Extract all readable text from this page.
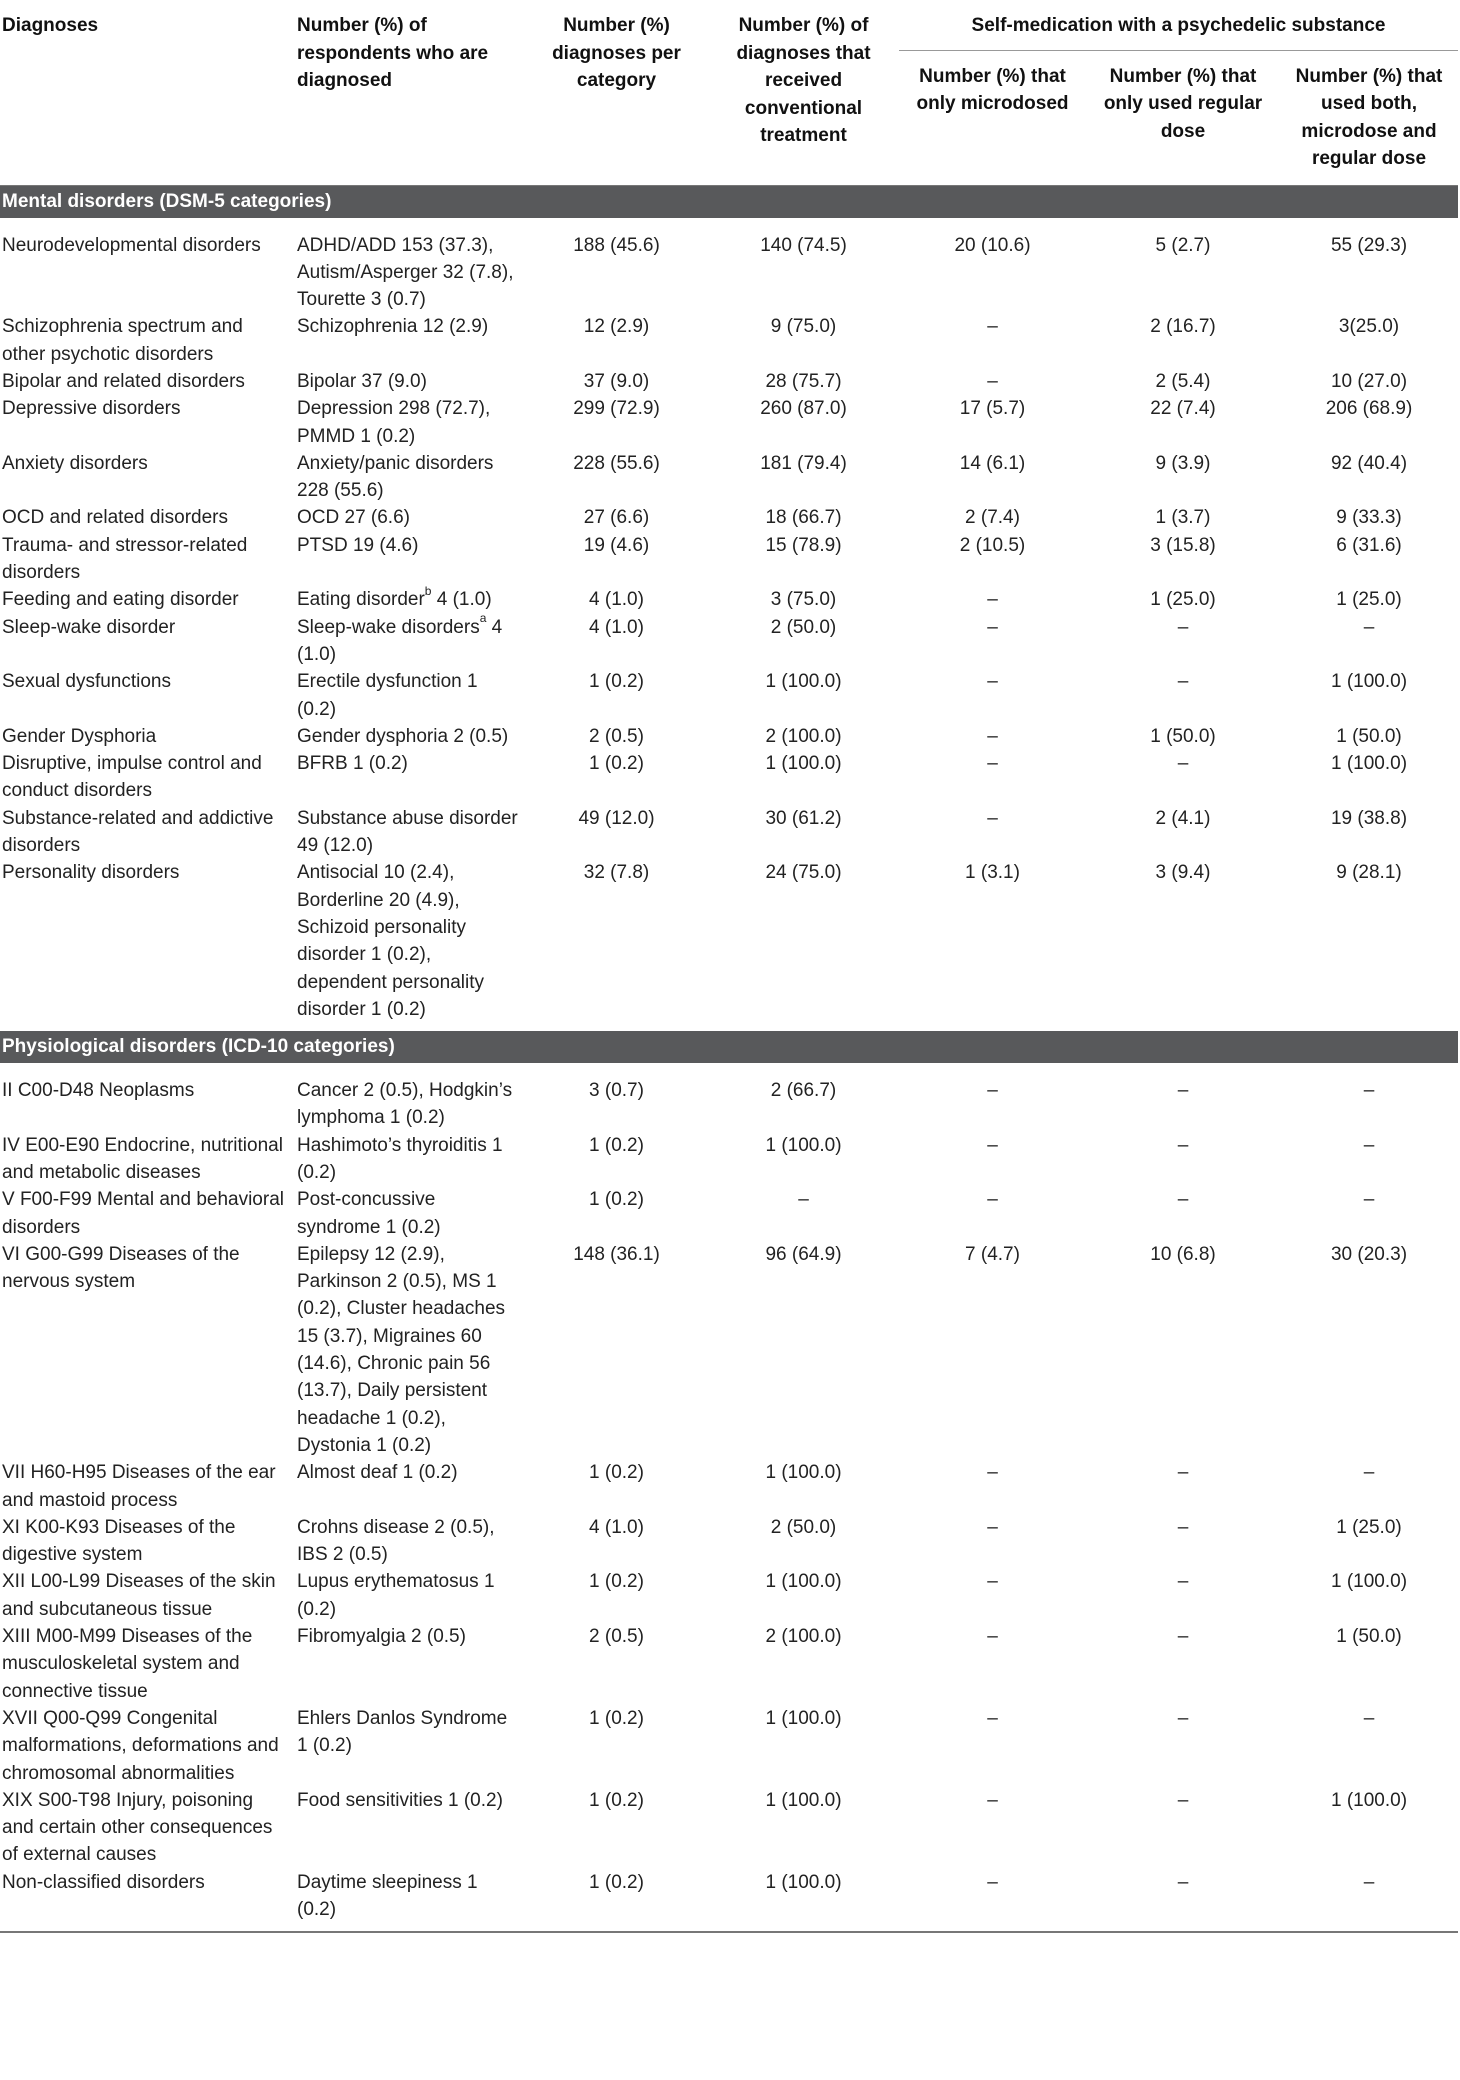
Diagnoses	Number (%) of respondents who are diagnosed	Number (%) diagnoses per category	Number (%) of diagnoses that received conventional treatment	Self-medication with a psychedelic substance		
				Number (%) that only microdosed	Number (%) that only used regular dose	Number (%) that used both, microdose and regular dose
Mental disorders (DSM-5 categories)						

Neurodevelopmental disorders	ADHD/ADD 153 (37.3), Autism/Asperger 32 (7.8), Tourette 3 (0.7)	188 (45.6)	140 (74.5)	20 (10.6)	5 (2.7)	55 (29.3)
Schizophrenia spectrum and other psychotic disorders	Schizophrenia 12 (2.9)	12 (2.9)	9 (75.0)	–	2 (16.7)	3(25.0)
Bipolar and related disorders	Bipolar 37 (9.0)	37 (9.0)	28 (75.7)	–	2 (5.4)	10 (27.0)
Depressive disorders	Depression 298 (72.7), PMMD 1 (0.2)	299 (72.9)	260 (87.0)	17 (5.7)	22 (7.4)	206 (68.9)
Anxiety disorders	Anxiety/panic disorders 228 (55.6)	228 (55.6)	181 (79.4)	14 (6.1)	9 (3.9)	92 (40.4)
OCD and related disorders	OCD 27 (6.6)	27 (6.6)	18 (66.7)	2 (7.4)	1 (3.7)	9 (33.3)
Trauma- and stressor-related disorders	PTSD 19 (4.6)	19 (4.6)	15 (78.9)	2 (10.5)	3 (15.8)	6 (31.6)
Feeding and eating disorder	Eating disorder$^b$ 4 (1.0)	4 (1.0)	3 (75.0)	–	1 (25.0)	1 (25.0)
Sleep-wake disorder	Sleep-wake disorders$^a$ 4 (1.0)	4 (1.0)	2 (50.0)	–	–	–
Sexual dysfunctions	Erectile dysfunction 1 (0.2)	1 (0.2)	1 (100.0)	–	–	1 (100.0)
Gender Dysphoria	Gender dysphoria 2 (0.5)	2 (0.5)	2 (100.0)	–	1 (50.0)	1 (50.0)
Disruptive, impulse control and conduct disorders	BFRB 1 (0.2)	1 (0.2)	1 (100.0)	–	–	1 (100.0)
Substance-related and addictive disorders	Substance abuse disorder 49 (12.0)	49 (12.0)	30 (61.2)	–	2 (4.1)	19 (38.8)
Personality disorders	Antisocial 10 (2.4), Borderline 20 (4.9), Schizoid personality disorder 1 (0.2), dependent personality disorder 1 (0.2)	32 (7.8)	24 (75.0)	1 (3.1)	3 (9.4)	9 (28.1)
Physiological disorders (ICD-10 categories)						

II C00-D48 Neoplasms	Cancer 2 (0.5), Hodgkin’s lymphoma 1 (0.2)	3 (0.7)	2 (66.7)	–	–	–
IV E00-E90 Endocrine, nutritional and metabolic diseases	Hashimoto’s thyroiditis 1 (0.2)	1 (0.2)	1 (100.0)	–	–	–
V F00-F99 Mental and behavioral disorders	Post-concussive syndrome 1 (0.2)	1 (0.2)	–	–	–	–
VI G00-G99 Diseases of the nervous system	Epilepsy 12 (2.9), Parkinson 2 (0.5), MS 1 (0.2), Cluster headaches 15 (3.7), Migraines 60 (14.6), Chronic pain 56 (13.7), Daily persistent headache 1 (0.2), Dystonia 1 (0.2)	148 (36.1)	96 (64.9)	7 (4.7)	10 (6.8)	30 (20.3)
VII H60-H95 Diseases of the ear and mastoid process	Almost deaf 1 (0.2)	1 (0.2)	1 (100.0)	–	–	–
XI K00-K93 Diseases of the digestive system	Crohns disease 2 (0.5), IBS 2 (0.5)	4 (1.0)	2 (50.0)	–	–	1 (25.0)
XII L00-L99 Diseases of the skin and subcutaneous tissue	Lupus erythematosus 1 (0.2)	1 (0.2)	1 (100.0)	–	–	1 (100.0)
XIII M00-M99 Diseases of the musculoskeletal system and connective tissue	Fibromyalgia 2 (0.5)	2 (0.5)	2 (100.0)	–	–	1 (50.0)
XVII Q00-Q99 Congenital malformations, deformations and chromosomal abnormalities	Ehlers Danlos Syndrome 1 (0.2)	1 (0.2)	1 (100.0)	–	–	–
XIX S00-T98 Injury, poisoning and certain other consequences of external causes	Food sensitivities 1 (0.2)	1 (0.2)	1 (100.0)	–	–	1 (100.0)
Non-classified disorders	Daytime sleepiness 1 (0.2)	1 (0.2)	1 (100.0)	–	–	–
